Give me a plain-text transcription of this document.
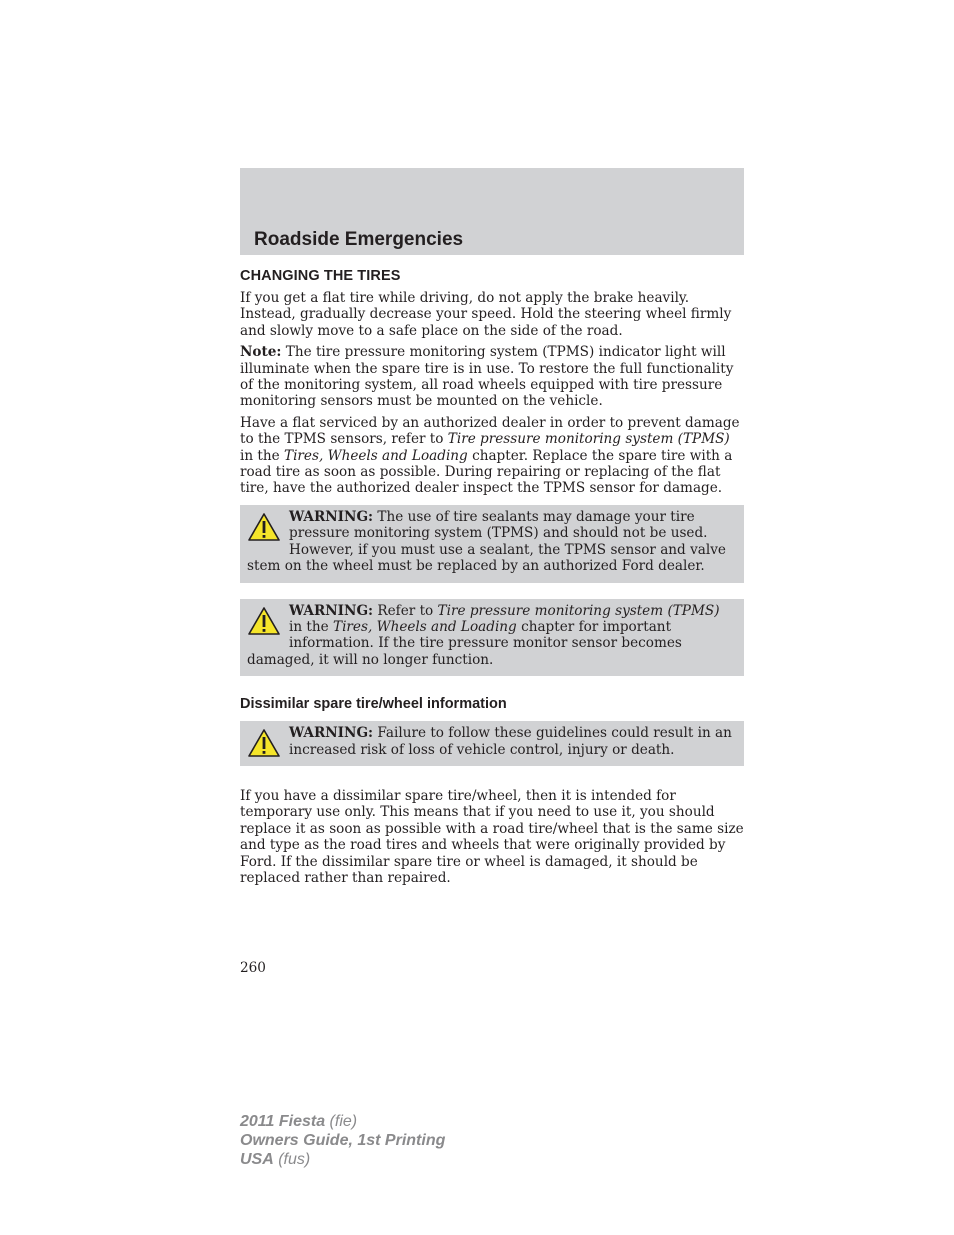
Roadside Emergencies
CHANGING THE TIRES

If you get a flat tire while driving, do not apply the brake heavily. Instead, gradually decrease your speed. Hold the steering wheel firmly and slowly move to a safe place on the side of the road.

Note: The tire pressure monitoring system (TPMS) indicator light will illuminate when the spare tire is in use. To restore the full functionality of the monitoring system, all road wheels equipped with tire pressure monitoring sensors must be mounted on the vehicle.

Have a flat serviced by an authorized dealer in order to prevent damage to the TPMS sensors, refer to Tire pressure monitoring system (TPMS) in the Tires, Wheels and Loading chapter. Replace the spare tire with a road tire as soon as possible. During repairing or replacing of the flat tire, have the authorized dealer inspect the TPMS sensor for damage.

WARNING: The use of tire sealants may damage your tire pressure monitoring system (TPMS) and should not be used. However, if you must use a sealant, the TPMS sensor and valve stem on the wheel must be replaced by an authorized Ford dealer.
WARNING: Refer to Tire pressure monitoring system (TPMS) in the Tires, Wheels and Loading chapter for important information. If the tire pressure monitor sensor becomes damaged, it will no longer function.
Dissimilar spare tire/wheel information
WARNING: Failure to follow these guidelines could result in an increased risk of loss of vehicle control, injury or death.

If you have a dissimilar spare tire/wheel, then it is intended for temporary use only. This means that if you need to use it, you should replace it as soon as possible with a road tire/wheel that is the same size and type as the road tires and wheels that were originally provided by Ford. If the dissimilar spare tire or wheel is damaged, it should be replaced rather than repaired.

260
2011 Fiesta (fie)
Owners Guide, 1st Printing
USA (fus)
